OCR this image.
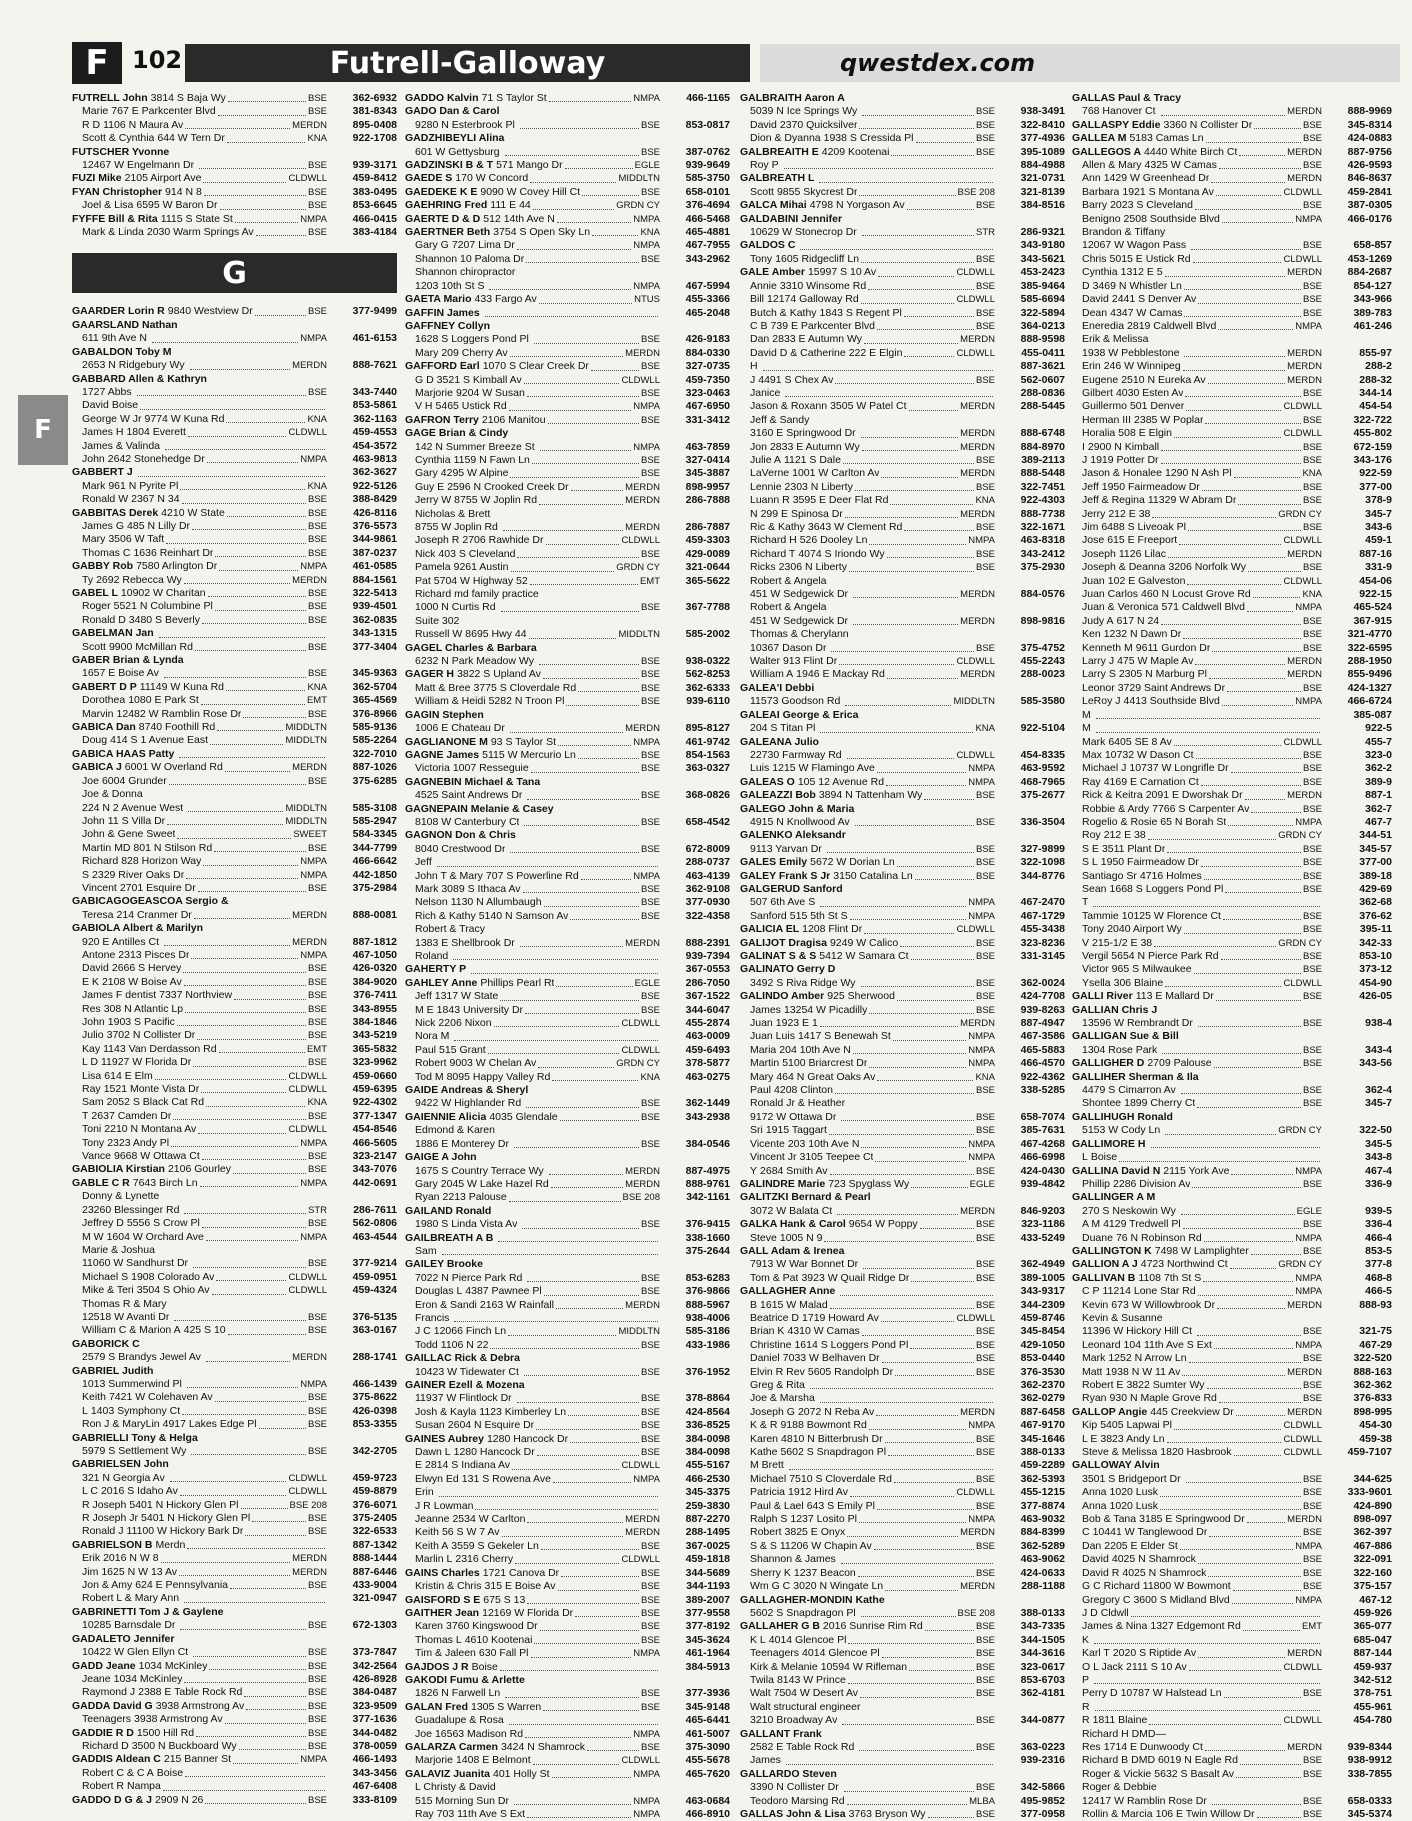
F 102	Futrell-Galloway	qwestdex.com
F
FUTRELL John 3814 S Baja Wy	BSE	362-6932
Marie 767 E Parkcenter Blvd	BSE	381-8343
R D 1106 N Maura Av	MERDN	895-0408
Scott & Cynthia 644 W Tern Dr	KNA	922-1708
FUTSCHER Yvonne
12467 W Engelmann Dr	BSE	939-3171
FUZI Mike 2105 Airport Ave	CLDWLL	459-8412
FYAN Christopher 914 N 8	BSE	383-0495
Joel & Lisa 6595 W Baron Dr	BSE	853-6645
FYFFE Bill & Rita 1115 S State St	NMPA	466-0415
Mark & Linda 2030 Warm Springs Av	BSE	383-4184
G
GAARDER Lorin R 9840 Westview Dr	BSE	377-9499
GAARSLAND Nathan
611 9th Ave N	NMPA	461-6153
GABALDON Toby M
2653 N Ridgebury Wy	MERDN	888-7621
GABBARD Allen & Kathryn
1727 Abbs	BSE	343-7440
David Boise	853-5861
George W Jr 9774 W Kuna Rd	KNA	362-1163
James H 1804 Everett	CLDWLL	459-4553
James & Valinda	454-3572
John 2642 Stonehedge Dr	NMPA	463-9813
GABBERT J	362-3627
Mark 961 N Pyrite Pl	KNA	922-5126
Ronald W 2367 N 34	BSE	388-8429
GABBITAS Derek 4210 W State	BSE	426-8116
James G 485 N Lilly Dr	BSE	376-5573
Mary 3506 W Taft	BSE	344-9861
Thomas C 1636 Reinhart Dr	BSE	387-0237
GABBY Rob 7580 Arlington Dr	NMPA	461-0585
Ty 2692 Rebecca Wy	MERDN	884-1561
GABEL L 10902 W Charitan	BSE	322-5413
Roger 5521 N Columbine Pl	BSE	939-4501
Ronald D 3480 S Beverly	BSE	362-0835
GABELMAN Jan	343-1315
Scott 9900 McMillan Rd	BSE	377-3404
GABER Brian & Lynda
1657 E Boise Av	BSE	345-9363
GABERT D P 11149 W Kuna Rd	KNA	362-5704
Dorothea 1080 E Park St	EMT	365-4569
Marvin 12482 W Ramblin Rose Dr	BSE	376-8966
GABICA Dan 8740 Foothill Rd	MIDDLTN	585-9136
Doug 414 S 1 Avenue East	MIDDLTN	585-2264
GABICA HAAS Patty	322-7010
GABICA J 6001 W Overland Rd	MERDN	887-1026
Joe 6004 Grunder	BSE	375-6285
Joe & Donna
224 N 2 Avenue West	MIDDLTN	585-3108
John 11 S Villa Dr	MIDDLTN	585-2947
John & Gene Sweet	SWEET	584-3345
Martin MD 801 N Stilson Rd	BSE	344-7799
Richard 828 Horizon Way	NMPA	466-6642
S 2329 River Oaks Dr	NMPA	442-1850
Vincent 2701 Esquire Dr	BSE	375-2984
GABICAGOGEASCOA Sergio &
Teresa 214 Cranmer Dr	MERDN	888-0081
GABIOLA Albert & Marilyn
920 E Antilles Ct	MERDN	887-1812
Antone 2313 Pisces Dr	NMPA	467-1050
David 2666 S Hervey	BSE	426-0320
E K 2108 W Boise Av	BSE	384-9020
James F dentist 7337 Northview	BSE	376-7411
Res 308 N Atlantic Lp	BSE	343-8955
John 1903 S Pacific	BSE	384-1846
Julio 3702 N Collister Dr	BSE	343-5219
Kay 1143 Van Derdasson Rd	EMT	365-5832
L D 11927 W Florida Dr	BSE	323-9962
Lisa 614 E Elm	CLDWLL	459-0660
Ray 1521 Monte Vista Dr	CLDWLL	459-6395
Sam 2052 S Black Cat Rd	KNA	922-4302
T 2637 Camden Dr	BSE	377-1347
Toni 2210 N Montana Av	CLDWLL	454-8546
Tony 2323 Andy Pl	NMPA	466-5605
Vance 9668 W Ottawa Ct	BSE	323-2147
GABIOLIA Kirstian 2106 Gourley	BSE	343-7076
GABLE C R 7643 Birch Ln	NMPA	442-0691
Donny & Lynette
23260 Blessinger Rd	STR	286-7611
Jeffrey D 5556 S Crow Pl	BSE	562-0806
M W 1604 W Orchard Ave	NMPA	463-4544
Marie & Joshua
11060 W Sandhurst Dr	BSE	377-9214
Michael S 1908 Colorado Av	CLDWLL	459-0951
Mike & Teri 3504 S Ohio Av	CLDWLL	459-4324
Thomas R & Mary
12518 W Avanti Dr	BSE	376-5135
William C & Marion A 425 S 10	BSE	363-0167
GABORICK C
2579 S Brandys Jewel Av	MERDN	288-1741
GABRIEL Judith
1013 Summerwind Pl	NMPA	466-1439
Keith 7421 W Colehaven Av	BSE	375-8622
L 1403 Symphony Ct	BSE	426-0398
Ron J & MaryLin 4917 Lakes Edge Pl	BSE	853-3355
GABRIELLI Tony & Helga
5979 S Settlement Wy	BSE	342-2705
GABRIELSEN John
321 N Georgia Av	CLDWLL	459-9723
L C 2016 S Idaho Av	CLDWLL	459-8879
R Joseph 5401 N Hickory Glen Pl	BSE 208	376-6071
R Joseph Jr 5401 N Hickory Glen Pl	BSE	375-2405
Ronald J 11100 W Hickory Bark Dr	BSE	322-6533
GABRIELSON B Merdn	887-1342
Erik 2016 N W 8	MERDN	888-1444
Jim 1625 N W 13 Av	MERDN	887-6446
Jon & Amy 624 E Pennsylvania	BSE	433-9004
Robert L & Mary Ann	321-0947
GABRINETTI Tom J & Gaylene
10285 Barnsdale Dr	BSE	672-1303
GADALETO Jennifer
10422 W Glen Ellyn Ct	BSE	373-7847
GADD Jeane 1034 McKinley	BSE	342-2564
Jeane 1034 McKinley	BSE	426-8928
Raymond J 2388 E Table Rock Rd	BSE	384-0487
GADDA David G 3938 Armstrong Av	BSE	323-9509
Teenagers 3938 Armstrong Av	BSE	377-1636
GADDIE R D 1500 Hill Rd	BSE	344-0482
Richard D 3500 N Buckboard Wy	BSE	378-0059
GADDIS Aldean C 215 Banner St	NMPA	466-1493
Robert C & C A Boise	343-3456
Robert R Nampa	467-6408
GADDO D G & J 2909 N 26	BSE	333-8109
GADDO Kalvin 71 S Taylor St	NMPA	466-1165
GADO Dan & Carol
9280 N Esterbrook Pl	BSE	853-0817
GADZHIBEYLI Alina
601 W Gettysburg	BSE	387-0762
GADZINSKI B & T 571 Mango Dr	EGLE	939-9649
GAEDE S 170 W Concord	MIDDLTN	585-3750
GAEDEKE K E 9090 W Covey Hill Ct	BSE	658-0101
GAEHRING Fred 111 E 44	GRDN CY	376-4694
GAERTE D & D 512 14th Ave N	NMPA	466-5468
GAERTNER Beth 3754 S Open Sky Ln	KNA	465-4881
Gary G 7207 Lima Dr	NMPA	467-7955
Shannon 10 Paloma Dr	BSE	343-2962
Shannon chiropractor
1203 10th St S	NMPA	467-5994
GAETA Mario 433 Fargo Av	NTUS	455-3366
GAFFIN James	465-2048
GAFFNEY Collyn
1628 S Loggers Pond Pl	BSE	426-9183
Mary 209 Cherry Av	MERDN	884-0330
GAFFORD Earl 1070 S Clear Creek Dr	BSE	327-0735
G D 3521 S Kimball Av	CLDWLL	459-7350
Marjorie 9204 W Susan	BSE	323-0463
V H 5465 Ustick Rd	NMPA	467-6950
GAFRON Terry 2106 Manitou	BSE	331-3412
GAGE Brian & Cindy
142 N Summer Breeze St	NMPA	463-7859
Cynthia 1159 N Fawn Ln	BSE	327-0414
Gary 4295 W Alpine	BSE	345-3887
Guy E 2596 N Crooked Creek Dr	MERDN	898-9957
Jerry W 8755 W Joplin Rd	MERDN	286-7888
Nicholas & Brett
8755 W Joplin Rd	MERDN	286-7887
Joseph R 2706 Rawhide Dr	CLDWLL	459-3303
Nick 403 S Cleveland	BSE	429-0089
Pamela 9261 Austin	GRDN CY	321-0644
Pat 5704 W Highway 52	EMT	365-5622
Richard md family practice
1000 N Curtis Rd	BSE	367-7788
Suite 302
Russell W 8695 Hwy 44	MIDDLTN	585-2002
GAGEL Charles & Barbara
6232 N Park Meadow Wy	BSE	938-0322
GAGER H 3822 S Upland Av	BSE	562-8253
Matt & Bree 3775 S Cloverdale Rd	BSE	362-6333
William & Heidi 5282 N Troon Pl	BSE	939-6110
GAGIN Stephen
1006 E Chateau Dr	MERDN	895-8127
GAGLIANONE M 93 S Taylor St	NMPA	461-9742
GAGNE James 5115 W Mercurio Ln	BSE	854-1563
Victoria 1007 Resseguie	BSE	363-0327
GAGNEBIN Michael & Tana
4525 Saint Andrews Dr	BSE	368-0826
GAGNEPAIN Melanie & Casey
8108 W Canterbury Ct	BSE	658-4542
GAGNON Don & Chris
8040 Crestwood Dr	BSE	672-8009
Jeff	288-0737
John T & Mary 707 S Powerline Rd	NMPA	463-4139
Mark 3089 S Ithaca Av	BSE	362-9108
Nelson 1130 N Allumbaugh	BSE	377-0930
Rich & Kathy 5140 N Samson Av	BSE	322-4358
Robert & Tracy
1383 E Shellbrook Dr	MERDN	888-2391
Roland	939-7394
GAHERTY P	367-0553
GAHLEY Anne Phillips Pearl Rt	EGLE	286-7050
Jeff 1317 W State	BSE	367-1522
M E 1843 University Dr	BSE	344-6047
Nick 2206 Nixon	CLDWLL	455-2874
Nora M	463-0009
Paul 515 Grant	CLDWLL	459-6493
Robert 9003 W Chelan Av	GRDN CY	378-5877
Tod M 8095 Happy Valley Rd	KNA	463-0275
GAIDE Andreas & Sheryl
9422 W Highlander Rd	BSE	362-1449
GAIENNIE Alicia 4035 Glendale	BSE	343-2938
Edmond & Karen
1886 E Monterey Dr	BSE	384-0546
GAIGE A John
1675 S Country Terrace Wy	MERDN	887-4975
Gary 2045 W Lake Hazel Rd	MERDN	888-9761
Ryan 2213 Palouse	BSE 208	342-1161
GAILAND Ronald
1980 S Linda Vista Av	BSE	376-9415
GAILBREATH A B	338-1660
Sam	375-2644
GAILEY Brooke
7022 N Pierce Park Rd	BSE	853-6283
Douglas L 4387 Pawnee Pl	BSE	376-9866
Eron & Sandi 2163 W Rainfall	MERDN	888-5967
Francis	938-4006
J C 12066 Finch Ln	MIDDLTN	585-3186
Todd 1106 N 22	BSE	433-1986
GAILLAC Rick & Debra
10423 W Tidewater Ct	BSE	376-1952
GAINER Ezell & Mozena
11937 W Flintlock Dr	BSE	378-8864
Josh & Kayla 1123 Kimberley Ln	BSE	424-8564
Susan 2604 N Esquire Dr	BSE	336-8525
GAINES Aubrey 1280 Hancock Dr	BSE	384-0098
Dawn L 1280 Hancock Dr	BSE	384-0098
E 2814 S Indiana Av	CLDWLL	455-5167
Elwyn Ed 131 S Rowena Ave	NMPA	466-2530
Erin	345-3375
J R Lowman	259-3830
Jeanne 2534 W Carlton	MERDN	887-2270
Keith 56 S W 7 Av	MERDN	288-1495
Keith A 3559 S Gekeler Ln	BSE	367-0025
Marlin L 2316 Cherry	CLDWLL	459-1818
GAINS Charles 1721 Canova Dr	BSE	344-5689
Kristin & Chris 315 E Boise Av	BSE	344-1193
GAISFORD S E 675 S 13	BSE	389-2007
GAITHER Jean 12169 W Florida Dr	BSE	377-9558
Karen 3760 Kingswood Dr	BSE	377-8192
Thomas L 4610 Kootenai	BSE	345-3624
Tim & Jaleen 630 Fall Pl	NMPA	461-1964
GAJDOS J R Boise	384-5913
GAKODI Fumu & Arlette
1826 N Farwell Ln	BSE	377-3936
GALAN Fred 1305 S Warren	BSE	345-9148
Guadalupe & Rosa	465-6441
Joe 16563 Madison Rd	NMPA	461-5007
GALARZA Carmen 3424 N Shamrock	BSE	375-3090
Marjorie 1408 E Belmont	CLDWLL	455-5678
GALAVIZ Juanita 401 Holly St	NMPA	465-7620
L Christy & David
515 Morning Sun Dr	NMPA	463-0684
Ray 703 11th Ave S Ext	NMPA	466-8910
GALBRAITH Aaron A
5039 N Ice Springs Wy	BSE	938-3491
David 2370 Quicksilver	BSE	322-8410
Dion & Dyanna 1938 S Cressida Pl	BSE	377-4936
GALBREAITH E 4209 Kootenai	BSE	395-1089
Roy P	884-4988
GALBREATH L	321-0731
Scott 9855 Skycrest Dr	BSE 208	321-8139
GALCA Mihai 4798 N Yorgason Av	BSE	384-8516
GALDABINI Jennifer
10629 W Stonecrop Dr	STR	286-9321
GALDOS C	343-9180
Tony 1605 Ridgecliff Ln	BSE	343-5621
GALE Amber 15997 S 10 Av	CLDWLL	453-2423
Annie 3310 Winsome Rd	BSE	385-9464
Bill 12174 Galloway Rd	CLDWLL	585-6694
Butch & Kathy 1843 S Regent Pl	BSE	322-5894
C B 739 E Parkcenter Blvd	BSE	364-0213
Dan 2833 E Autumn Wy	MERDN	888-9598
David D & Catherine 222 E Elgin	CLDWLL	455-0411
H	887-3621
J 4491 S Chex Av	BSE	562-0607
Janice	288-0836
Jason & Roxann 3505 W Patel Ct	MERDN	288-5445
Jeff & Sandy
3160 E Springwood Dr	MERDN	888-6748
Jon 2833 E Autumn Wy	MERDN	884-8970
Julie A 1121 S Dale	BSE	389-2113
LaVerne 1001 W Carlton Av	MERDN	888-5448
Lennie 2303 N Liberty	BSE	322-7451
Luann R 3595 E Deer Flat Rd	KNA	922-4303
N 299 E Spinosa Dr	MERDN	888-7738
Ric & Kathy 3643 W Clement Rd	BSE	322-1671
Richard H 526 Dooley Ln	NMPA	463-8318
Richard T 4074 S Iriondo Wy	BSE	343-2412
Ricks 2306 N Liberty	BSE	375-2930
Robert & Angela
451 W Sedgewick Dr	MERDN	884-0576
Robert & Angela
451 W Sedgewick Dr	MERDN	898-9816
Thomas & Cherylann
10367 Dason Dr	BSE	375-4752
Walter 913 Flint Dr	CLDWLL	455-2243
William A 1946 E Mackay Rd	MERDN	288-0023
GALEA'I Debbi
11573 Goodson Rd	MIDDLTN	585-3580
GALEAI George & Erica
204 S Titan Pl	KNA	922-5104
GALEANA Julio
22730 Farmway Rd	CLDWLL	454-8335
Luis 1215 W Flamingo Ave	NMPA	463-9592
GALEAS O 105 12 Avenue Rd	NMPA	468-7965
GALEAZZI Bob 3894 N Tattenham Wy	BSE	375-2677
GALEGO John & Maria
4915 N Knollwood Av	BSE	336-3504
GALENKO Aleksandr
9113 Yarvan Dr	BSE	327-9899
GALES Emily 5672 W Dorian Ln	BSE	322-1098
GALEY Frank S Jr 3150 Catalina Ln	BSE	344-8776
GALGERUD Sanford
507 6th Ave S	NMPA	467-2470
Sanford 515 5th St S	NMPA	467-1729
GALICIA EL 1208 Flint Dr	CLDWLL	455-3438
GALIJOT Dragisa 9249 W Calico	BSE	323-8236
GALINAT S & S 5412 W Samara Ct	BSE	331-3145
GALINATO Gerry D
3492 S Riva Ridge Wy	BSE	362-0024
GALINDO Amber 925 Sherwood	BSE	424-7708
James 13254 W Picadilly	BSE	939-8263
Juan 1923 E 1	MERDN	887-4947
Juan Luis 1417 S Benewah St	NMPA	467-3586
Maria 204 10th Ave N	NMPA	465-5883
Martin 5100 Briarcrest Dr	NMPA	466-4570
Mary 464 N Great Oaks Av	KNA	922-4362
Paul 4208 Clinton	BSE	338-5285
Ronald Jr & Heather
9172 W Ottawa Dr	BSE	658-7074
Sri 1915 Taggart	BSE	385-7631
Vicente 203 10th Ave N	NMPA	467-4268
Vincent Jr 3105 Teepee Ct	NMPA	466-6998
Y 2684 Smith Av	BSE	424-0430
GALINDRE Marie 723 Spyglass Wy	EGLE	939-4842
GALITZKI Bernard & Pearl
3072 W Balata Ct	MERDN	846-9203
GALKA Hank & Carol 9654 W Poppy	BSE	323-1186
Steve 1005 N 9	BSE	433-5249
GALL Adam & Irenea
7913 W War Bonnet Dr	BSE	362-4949
Tom & Pat 3923 W Quail Ridge Dr	BSE	389-1005
GALLAGHER Anne	343-9317
B 1615 W Malad	BSE	344-2309
Beatrice D 1719 Howard Av	CLDWLL	459-8746
Brian K 4310 W Camas	BSE	345-8454
Christine 1614 S Loggers Pond Pl	BSE	429-1050
Daniel 7033 W Belhaven Dr	BSE	853-0440
Elvin R Rev 5605 Randolph Dr	BSE	376-3530
Greg & Rita	362-2370
Joe & Marsha	362-0279
Joseph G 2072 N Reba Av	MERDN	887-6458
K & R 9188 Bowmont Rd	NMPA	467-9170
Karen 4810 N Bitterbrush Dr	BSE	345-1646
Kathe 5602 S Snapdragon Pl	BSE	388-0133
M Brett	459-2289
Michael 7510 S Cloverdale Rd	BSE	362-5393
Patricia 1912 Hird Av	CLDWLL	455-1215
Paul & Lael 643 S Emily Pl	BSE	377-8874
Ralph S 1237 Losito Pl	NMPA	463-9032
Robert 3825 E Onyx	MERDN	884-8399
S & S 11206 W Chapin Av	BSE	362-5289
Shannon & James	463-9062
Sherry K 1237 Beacon	BSE	424-0633
Wm G C 3020 N Wingate Ln	MERDN	288-1188
GALLAGHER-MONDIN Kathe
5602 S Snapdragon Pl	BSE 208	388-0133
GALLAHER G B 2016 Sunrise Rim Rd	BSE	343-7335
K L 4014 Glencoe Pl	BSE	344-1505
Teenagers 4014 Glencoe Pl	BSE	344-3616
Kirk & Melanie 10594 W Rifleman	BSE	323-0617
Twila 8143 W Prince	BSE	853-6703
Walt 7504 W Desert Av	BSE	362-4181
Walt structural engineer
3210 Broadway Av	BSE	344-0877
GALLANT Frank
2582 E Table Rock Rd	BSE	363-0223
James	939-2316
GALLARDO Steven
3390 N Collister Dr	BSE	342-5866
Teodoro Marsing Rd	MLBA	495-9852
GALLAS John & Lisa 3763 Bryson Wy	BSE	377-0958
GALLAS Paul & Tracy
768 Hanover Ct	MERDN	888-9969
GALLASPY Eddie 3360 N Collister Dr	BSE	345-8314
GALLEA M 5183 Camas Ln	BSE	424-0883
GALLEGOS A 4440 White Birch Ct	MERDN	887-9756
Allen & Mary 4325 W Camas	BSE	426-9593
Ann 1429 W Greenhead Dr	MERDN	846-8637
Barbara 1921 S Montana Av	CLDWLL	459-2841
Barry 2023 S Cleveland	BSE	387-0305
Benigno 2508 Southside Blvd	NMPA	466-0176
Brandon & Tiffany
12067 W Wagon Pass	BSE	658-857
Chris 5015 E Ustick Rd	CLDWLL	453-1269
Cynthia 1312 E 5	MERDN	884-2687
D 3469 N Whistler Ln	BSE	854-127
David 2441 S Denver Av	BSE	343-966
Dean 4347 W Camas	BSE	389-783
Eneredia 2819 Caldwell Blvd	NMPA	461-246
Erik & Melissa
1938 W Pebblestone	MERDN	855-97
Erin 246 W Winnipeg	MERDN	288-2
Eugene 2510 N Eureka Av	MERDN	288-32
Gilbert 4030 Esten Av	BSE	344-14
Guillermo 501 Denver	CLDWLL	454-54
Herman III 2385 W Poplar	BSE	322-722
Horalia 508 E Elgin	CLDWLL	455-802
I 2900 N Kimball	BSE	672-159
J 1919 Potter Dr	BSE	343-176
Jason & Honalee 1290 N Ash Pl	KNA	922-59
Jeff 1950 Fairmeadow Dr	BSE	377-00
Jeff & Regina 11329 W Abram Dr	BSE	378-9
Jerry 212 E 38	GRDN CY	345-7
Jim 6488 S Liveoak Pl	BSE	343-6
Jose 615 E Freeport	CLDWLL	459-1
Joseph 1126 Lilac	MERDN	887-16
Joseph & Deanna 3206 Norfolk Wy	BSE	331-9
Juan 102 E Galveston	CLDWLL	454-06
Juan Carlos 460 N Locust Grove Rd	KNA	922-15
Juan & Veronica 571 Caldwell Blvd	NMPA	465-524
Judy A 617 N 24	BSE	367-915
Ken 1232 N Dawn Dr	BSE	321-4770
Kenneth M 9611 Gurdon Dr	BSE	322-6595
Larry J 475 W Maple Av	MERDN	288-1950
Larry S 2305 N Marburg Pl	MERDN	855-9496
Leonor 3729 Saint Andrews Dr	BSE	424-1327
LeRoy J 4413 Southside Blvd	NMPA	466-6724
M	385-087
M	922-5
Mark 6405 SE 8 Av	CLDWLL	455-7
Max 10732 W Dason Ct	BSE	323-0
Michael J 10737 W Longrifle Dr	BSE	362-2
Ray 4169 E Carnation Ct	BSE	389-9
Rick & Keitra 2091 E Dworshak Dr	MERDN	887-1
Robbie & Ardy 7766 S Carpenter Av	BSE	362-7
Rogelio & Rosie 65 N Borah St	NMPA	467-7
Roy 212 E 38	GRDN CY	344-51
S E 3511 Plant Dr	BSE	345-57
S L 1950 Fairmeadow Dr	BSE	377-00
Santiago Sr 4716 Holmes	BSE	389-18
Sean 1668 S Loggers Pond Pl	BSE	429-69
T	362-68
Tammie 10125 W Florence Ct	BSE	376-62
Tony 2040 Airport Wy	BSE	395-11
V 215-1/2 E 38	GRDN CY	342-33
Vergil 5654 N Pierce Park Rd	BSE	853-10
Victor 965 S Milwaukee	BSE	373-12
Ysella 306 Blaine	CLDWLL	454-90
GALLI River 113 E Mallard Dr	BSE	426-05
GALLIAN Chris J
13596 W Rembrandt Dr	BSE	938-4
GALLIGAN Sue & Bill
1304 Rose Park	BSE	343-4
GALLIGHER D 2709 Palouse	BSE	343-56
GALLIHER Sherman & Ila
4479 S Cimarron Av	BSE	362-4
Shontee 1899 Cherry Ct	BSE	345-7
GALLIHUGH Ronald
5153 W Cody Ln	GRDN CY	322-50
GALLIMORE H	345-5
L Boise	343-8
GALLINA David N 2115 York Ave	NMPA	467-4
Phillip 2286 Division Av	BSE	336-9
GALLINGER A M
270 S Neskowin Wy	EGLE	939-5
A M 4129 Tredwell Pl	BSE	336-4
Duane 76 N Robinson Rd	NMPA	466-4
GALLINGTON K 7498 W Lamplighter	BSE	853-5
GALLION A J 4723 Northwind Ct	GRDN CY	377-8
GALLIVAN B 1108 7th St S	NMPA	468-8
C P 11214 Lone Star Rd	NMPA	466-5
Kevin 673 W Willowbrook Dr	MERDN	888-93
Kevin & Susanne
11396 W Hickory Hill Ct	BSE	321-75
Leonard 104 11th Ave S Ext	NMPA	467-29
Mark 1252 N Arrow Ln	BSE	322-520
Matt 1938 N W 11 Av	MERDN	888-163
Robert E 3822 Sumter Wy	BSE	362-362
Ryan 930 N Maple Grove Rd	BSE	376-833
GALLOP Angie 445 Creekview Dr	MERDN	898-995
Kip 5405 Lapwai Pl	CLDWLL	454-30
L E 3823 Andy Ln	CLDWLL	459-38
Steve & Melissa 1820 Hasbrook	CLDWLL	459-7107
GALLOWAY Alvin
3501 S Bridgeport Dr	BSE	344-625
Anna 1020 Lusk	BSE	333-9601
Anna 1020 Lusk	BSE	424-890
Bob & Tana 3185 E Springwood Dr	MERDN	898-097
C 10441 W Tanglewood Dr	BSE	362-397
Dan 2205 E Elder St	NMPA	467-886
David 4025 N Shamrock	BSE	322-091
David R 4025 N Shamrock	BSE	322-160
G C Richard 11800 W Bowmont	BSE	375-157
Gregory C 3600 S Midland Blvd	NMPA	467-12
J D Cldwll	459-926
James & Nina 1327 Edgemont Rd	EMT	365-077
K	685-047
Karl T 2020 S Riptide Av	MERDN	887-144
O L Jack 2111 S 10 Av	CLDWLL	459-937
P	342-512
Perry D 10787 W Halstead Ln	BSE	378-751
R	455-961
R 1811 Blaine	CLDWLL	454-780
Richard H DMD—
Res 1714 E Dunwoody Ct	MERDN	939-8344
Richard B DMD 6019 N Eagle Rd	BSE	938-9912
Roger & Vickie 5632 S Basalt Av	BSE	338-7855
Roger & Debbie
12417 W Ramblin Rose Dr	BSE	658-0333
Rollin & Marcia 106 E Twin Willow Dr	BSE	345-5374
